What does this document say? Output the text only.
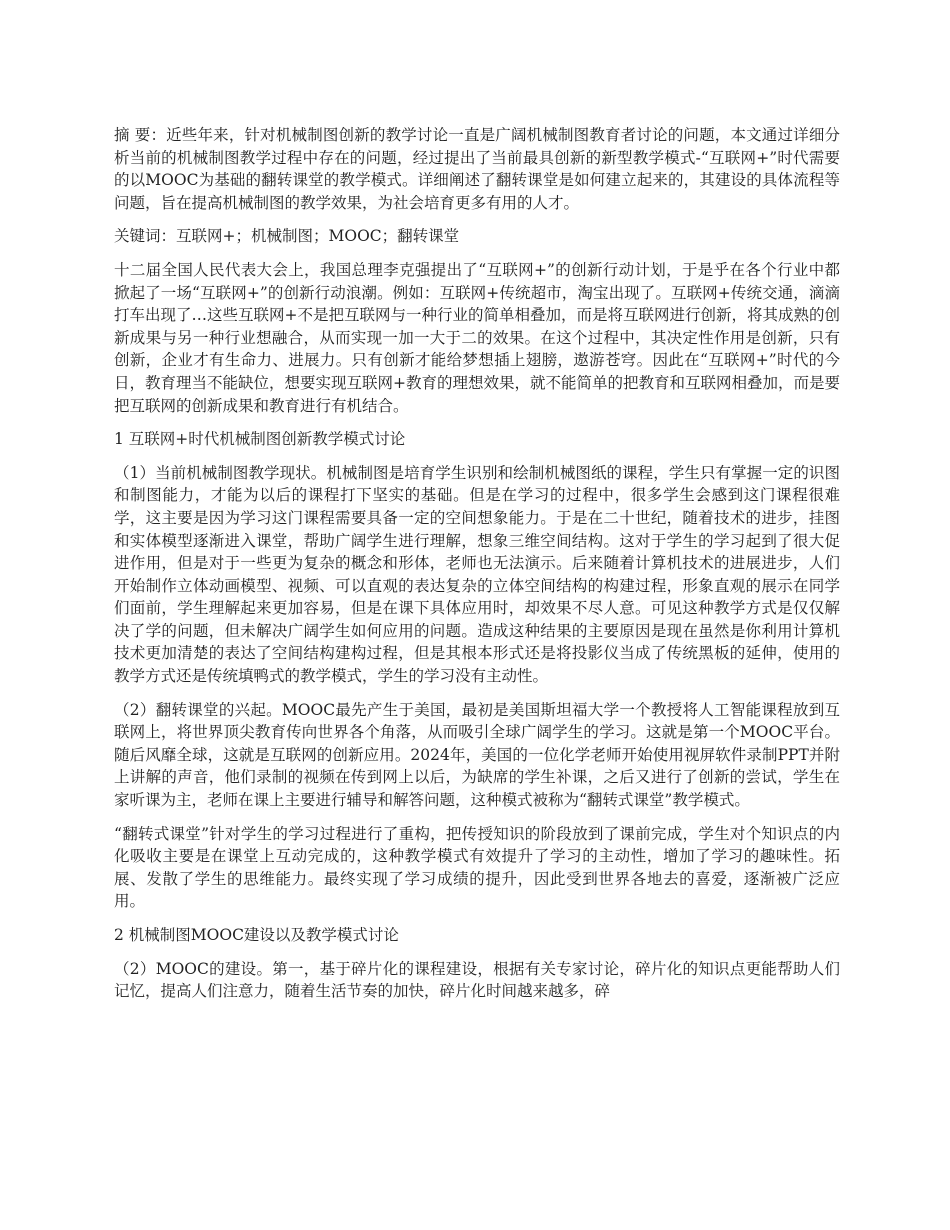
摘 要：近些年来，针对机械制图创新的教学讨论一直是广阔机械制图教育者讨论的问题，本文通过详细分析当前的机械制图教学过程中存在的问题，经过提出了当前最具创新的新型教学模式-“互联网+”时代需要的以MOOC为基础的翻转课堂的教学模式。详细阐述了翻转课堂是如何建立起来的，其建设的具体流程等问题，旨在提高机械制图的教学效果，为社会培育更多有用的人才。

关键词：互联网+；机械制图；MOOC；翻转课堂

十二届全国人民代表大会上，我国总理李克强提出了“互联网+”的创新行动计划，于是乎在各个行业中都掀起了一场“互联网+”的创新行动浪潮。例如：互联网+传统超市，淘宝出现了。互联网+传统交通，滴滴打车出现了…这些互联网+不是把互联网与一种行业的简单相叠加，而是将互联网进行创新，将其成熟的创新成果与另一种行业想融合，从而实现一加一大于二的效果。在这个过程中，其决定性作用是创新，只有创新，企业才有生命力、进展力。只有创新才能给梦想插上翅膀，遨游苍穹。因此在“互联网+”时代的今日，教育理当不能缺位，想要实现互联网+教育的理想效果，就不能简单的把教育和互联网相叠加，而是要把互联网的创新成果和教育进行有机结合。

1 互联网+时代机械制图创新教学模式讨论

（1）当前机械制图教学现状。机械制图是培育学生识别和绘制机械图纸的课程，学生只有掌握一定的识图和制图能力，才能为以后的课程打下坚实的基础。但是在学习的过程中，很多学生会感到这门课程很难学，这主要是因为学习这门课程需要具备一定的空间想象能力。于是在二十世纪，随着技术的进步，挂图和实体模型逐渐进入课堂，帮助广阔学生进行理解，想象三维空间结构。这对于学生的学习起到了很大促进作用，但是对于一些更为复杂的概念和形体，老师也无法演示。后来随着计算机技术的进展进步，人们开始制作立体动画模型、视频、可以直观的表达复杂的立体空间结构的构建过程，形象直观的展示在同学们面前，学生理解起来更加容易，但是在课下具体应用时，却效果不尽人意。可见这种教学方式是仅仅解决了学的问题，但未解决广阔学生如何应用的问题。造成这种结果的主要原因是现在虽然是你利用计算机技术更加清楚的表达了空间结构建构过程，但是其根本形式还是将投影仪当成了传统黑板的延伸，使用的教学方式还是传统填鸭式的教学模式，学生的学习没有主动性。

（2）翻转课堂的兴起。MOOC最先产生于美国，最初是美国斯坦福大学一个教授将人工智能课程放到互联网上，将世界顶尖教育传向世界各个角落，从而吸引全球广阔学生的学习。这就是第一个MOOC平台。随后风靡全球，这就是互联网的创新应用。2024年，美国的一位化学老师开始使用视屏软件录制PPT并附上讲解的声音，他们录制的视频在传到网上以后，为缺席的学生补课，之后又进行了创新的尝试，学生在家听课为主，老师在课上主要进行辅导和解答问题，这种模式被称为“翻转式课堂”教学模式。

“翻转式课堂”针对学生的学习过程进行了重构，把传授知识的阶段放到了课前完成，学生对个知识点的内化吸收主要是在课堂上互动完成的，这种教学模式有效提升了学习的主动性，增加了学习的趣味性。拓展、发散了学生的思维能力。最终实现了学习成绩的提升，因此受到世界各地去的喜爱，逐渐被广泛应用。

2 机械制图MOOC建设以及教学模式讨论

（2）MOOC的建设。第一，基于碎片化的课程建设，根据有关专家讨论，碎片化的知识点更能帮助人们记忆，提高人们注意力，随着生活节奏的加快，碎片化时间越来越多，碎
